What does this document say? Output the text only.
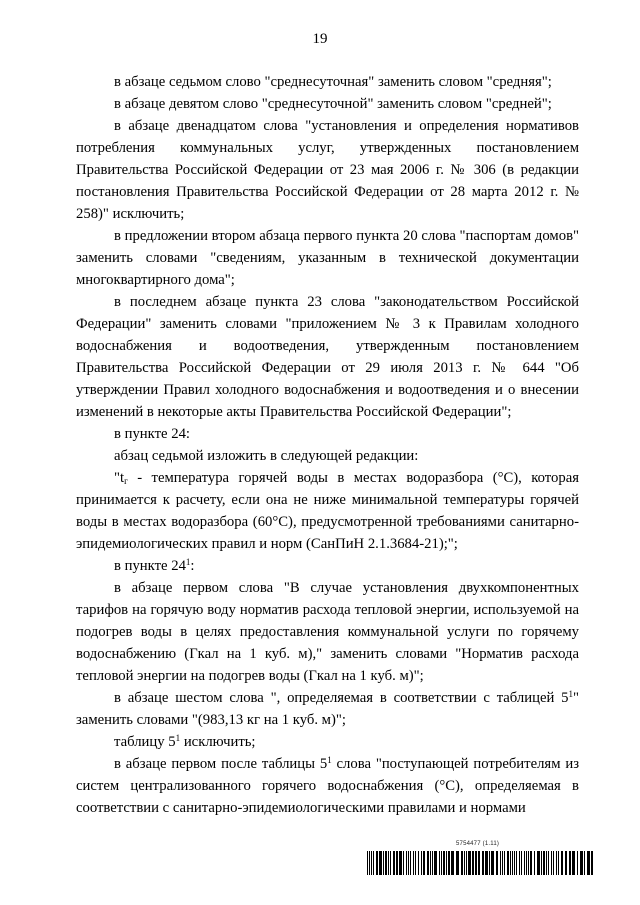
19

в абзаце седьмом слово "среднесуточная" заменить словом "средняя";

в абзаце девятом слово "среднесуточной" заменить словом "средней";

в абзаце двенадцатом слова "установления и определения нормативов потребления коммунальных услуг, утвержденных постановлением Правительства Российской Федерации от 23 мая 2006 г. № 306 (в редакции постановления Правительства Российской Федерации от 28 марта 2012 г. № 258)" исключить;

в предложении втором абзаца первого пункта 20 слова "паспортам домов" заменить словами "сведениям, указанным в технической документации многоквартирного дома";

в последнем абзаце пункта 23 слова "законодательством Российской Федерации" заменить словами "приложением № 3 к Правилам холодного водоснабжения и водоотведения, утвержденным постановлением Правительства Российской Федерации от 29 июля 2013 г. № 644 "Об утверждении Правил холодного водоснабжения и водоотведения и о внесении изменений в некоторые акты Правительства Российской Федерации";

в пункте 24:

абзац седьмой изложить в следующей редакции:

"$t_г$ - температура горячей воды в местах водоразбора (°C), которая принимается к расчету, если она не ниже минимальной температуры горячей воды в местах водоразбора (60°C), предусмотренной требованиями санитарно-эпидемиологических правил и норм (СанПиН 2.1.3684-21);";

в пункте $24^1$:

в абзаце первом слова "В случае установления двухкомпонентных тарифов на горячую воду норматив расхода тепловой энергии, используемой на подогрев воды в целях предоставления коммунальной услуги по горячему водоснабжению (Гкал на 1 куб. м)," заменить словами "Норматив расхода тепловой энергии на подогрев воды (Гкал на 1 куб. м)";

в абзаце шестом слова ", определяемая в соответствии с таблицей $5^1$" заменить словами "(983,13 кг на 1 куб. м)";

таблицу $5^1$ исключить;

в абзаце первом после таблицы $5^1$ слова "поступающей потребителям из систем централизованного горячего водоснабжения (°C), определяемая в соответствии с санитарно-эпидемиологическими правилами и нормами

5754477 (1.11)
